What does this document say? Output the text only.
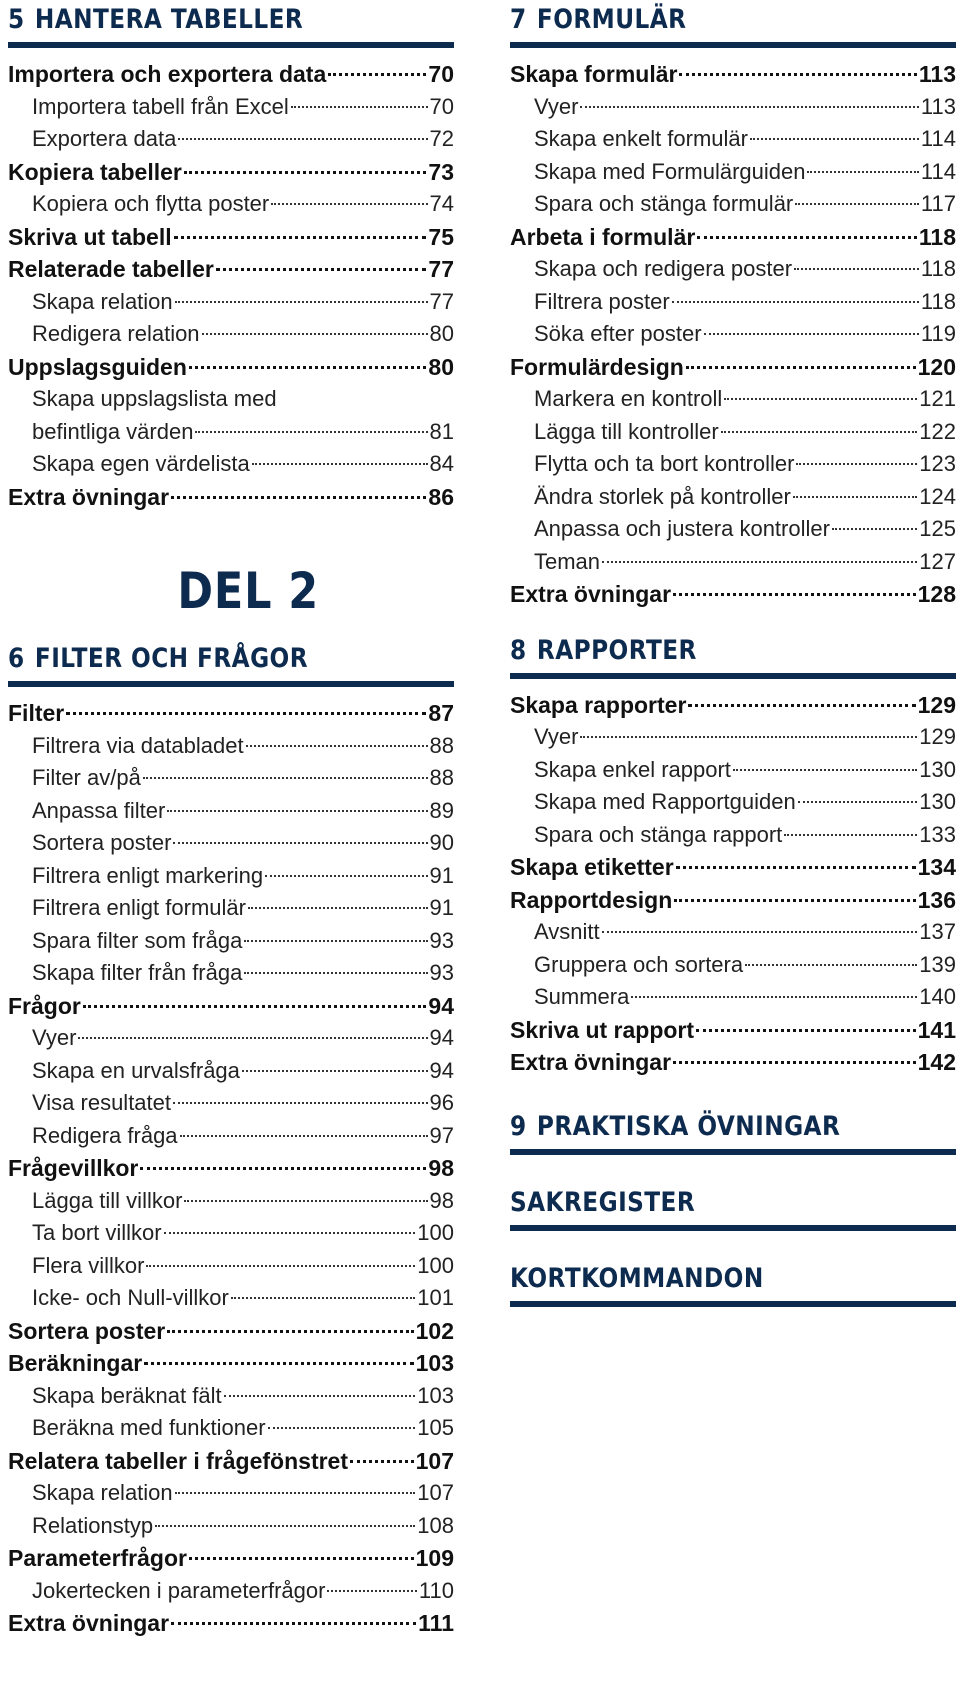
5 HANTERA TABELLER
Importera och exportera data	70
Importera tabell från Excel	70
Exportera data	72
Kopiera tabeller	73
Kopiera och flytta poster	74
Skriva ut tabell	75
Relaterade tabeller	77
Skapa relation	77
Redigera relation	80
Uppslagsguiden	80
Skapa uppslagslista med
befintliga värden	81
Skapa egen värdelista	84
Extra övningar	86
DEL 2
6 FILTER OCH FRÅGOR
Filter	87
Filtrera via databladet	88
Filter av/på	88
Anpassa filter	89
Sortera poster	90
Filtrera enligt markering	91
Filtrera enligt formulär	91
Spara filter som fråga	93
Skapa filter från fråga	93
Frågor	94
Vyer	94
Skapa en urvalsfråga	94
Visa resultatet	96
Redigera fråga	97
Frågevillkor	98
Lägga till villkor	98
Ta bort villkor	100
Flera villkor	100
Icke- och Null-villkor	101
Sortera poster	102
Beräkningar	103
Skapa beräknat fält	103
Beräkna med funktioner	105
Relatera tabeller i frågefönstret	107
Skapa relation	107
Relationstyp	108
Parameterfrågor	109
Jokertecken i parameterfrågor	110
Extra övningar	111
7 FORMULÄR
Skapa formulär	113
Vyer	113
Skapa enkelt formulär	114
Skapa med Formulärguiden	114
Spara och stänga formulär	117
Arbeta i formulär	118
Skapa och redigera poster	118
Filtrera poster	118
Söka efter poster	119
Formulärdesign	120
Markera en kontroll	121
Lägga till kontroller	122
Flytta och ta bort kontroller	123
Ändra storlek på kontroller	124
Anpassa och justera kontroller	125
Teman	127
Extra övningar	128
8 RAPPORTER
Skapa rapporter	129
Vyer	129
Skapa enkel rapport	130
Skapa med Rapportguiden	130
Spara och stänga rapport	133
Skapa etiketter	134
Rapportdesign	136
Avsnitt	137
Gruppera och sortera	139
Summera	140
Skriva ut rapport	141
Extra övningar	142
9 PRAKTISKA ÖVNINGAR
SAKREGISTER
KORTKOMMANDON
